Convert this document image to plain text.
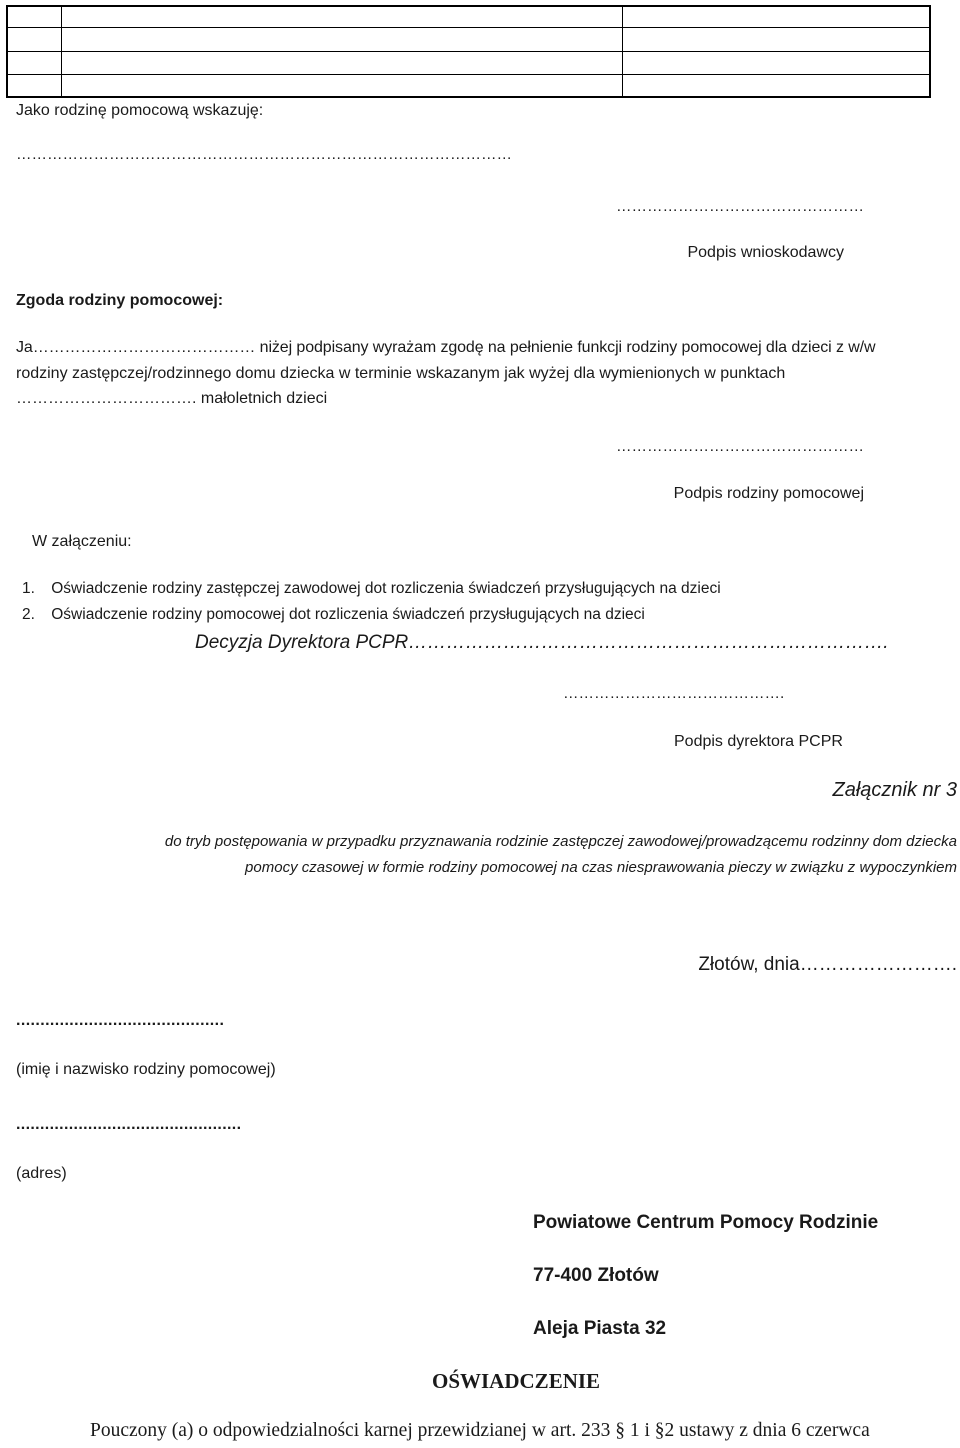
Jako rodzinę pomocową wskazuję:
……………………………………………………………………………………
…………………………………………
Podpis wnioskodawcy
Zgoda rodziny pomocowej:
Ja…………………………………… niżej podpisany wyrażam zgodę na pełnienie funkcji rodziny pomocowej dla dzieci z w/w
rodziny zastępczej/rodzinnego domu dziecka w terminie wskazanym jak wyżej dla wymienionych w punktach
……………………………. małoletnich dzieci
…………………………………………
Podpis rodziny pomocowej
W załączeniu:
1. Oświadczenie rodziny zastępczej zawodowej dot rozliczenia świadczeń przysługujących na dzieci
2. Oświadczenie rodziny pomocowej dot rozliczenia świadczeń przysługujących na dzieci
Decyzja Dyrektora PCPR………………………………………………………………….
…………………………………….
Podpis dyrektora PCPR
Załącznik nr 3
do tryb postępowania w przypadku przyznawania rodzinie zastępczej zawodowej/prowadzącemu rodzinny dom dziecka
pomocy czasowej w formie rodziny pomocowej na czas niesprawowania pieczy w związku z wypoczynkiem
Złotów, dnia…………………….
...........................................
(imię i nazwisko rodziny pomocowej)
...............................................
(adres)
Powiatowe Centrum Pomocy Rodzinie
77-400 Złotów
Aleja Piasta 32
OŚWIADCZENIE
Pouczony (a) o odpowiedzialności karnej przewidzianej w art. 233 § 1 i §2 ustawy z dnia 6 czerwca
